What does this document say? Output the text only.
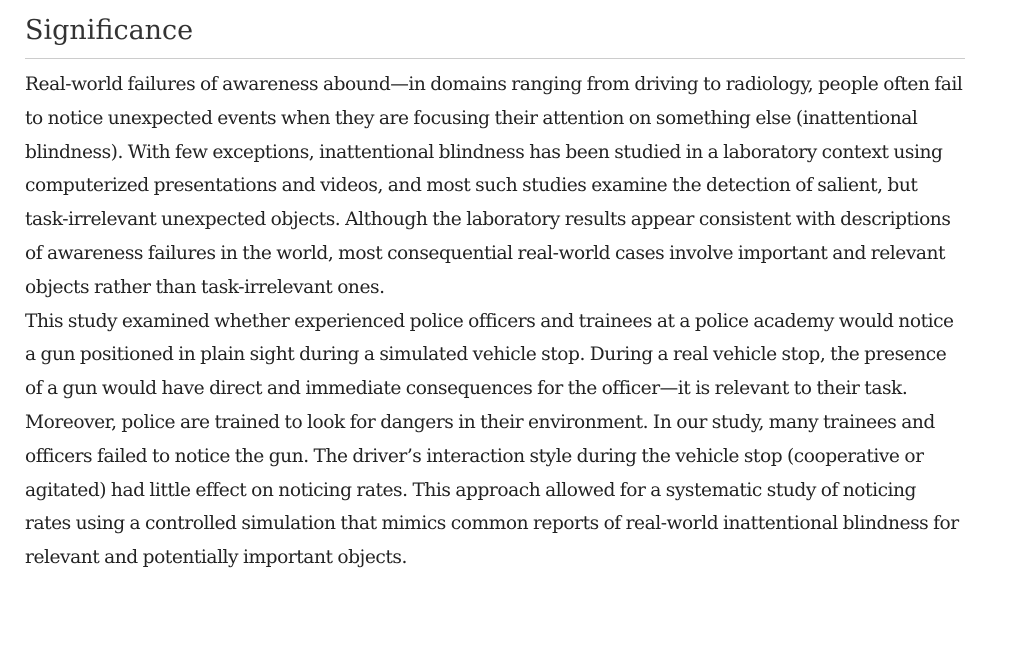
Significance

Real-world failures of awareness abound—in domains ranging from driving to radiology, people often fail to notice unexpected events when they are focusing their attention on something else (inattentional blindness). With few exceptions, inattentional blindness has been studied in a laboratory context using computerized presentations and videos, and most such studies examine the detection of salient, but task-irrelevant unexpected objects. Although the laboratory results appear consistent with descriptions of awareness failures in the world, most consequential real-world cases involve important and relevant objects rather than task-irrelevant ones.

This study examined whether experienced police officers and trainees at a police academy would notice a gun positioned in plain sight during a simulated vehicle stop. During a real vehicle stop, the presence of a gun would have direct and immediate consequences for the officer—it is relevant to their task. Moreover, police are trained to look for dangers in their environment. In our study, many trainees and officers failed to notice the gun. The driver’s interaction style during the vehicle stop (cooperative or agitated) had little effect on noticing rates. This approach allowed for a systematic study of noticing rates using a controlled simulation that mimics common reports of real-world inattentional blindness for relevant and potentially important objects.
